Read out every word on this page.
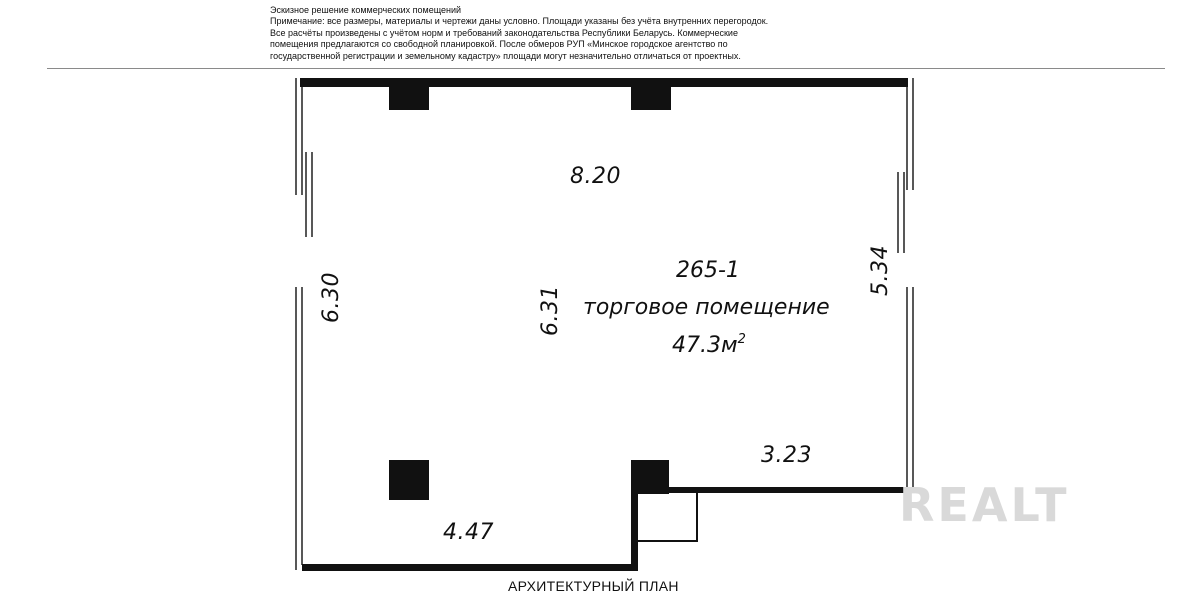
Эскизное решение коммерческих помещений
Примечание: все размеры, материалы и чертежи даны условно. Площади указаны без учёта внутренних перегородок.
Все расчёты произведены с учётом норм и требований законодательства Республики Беларусь. Коммерческие
помещения предлагаются со свободной планировкой. После обмеров РУП «Минское городское агентство по
государственной регистрации и земельному кадастру» площади могут незначительно отличаться от проектных.
8.20
6.30	6.31
5.34
3.23
4.47
265-1
торговое помещение
$47.3м^2$
АРХИТЕКТУРНЫЙ ПЛАН
REALT
